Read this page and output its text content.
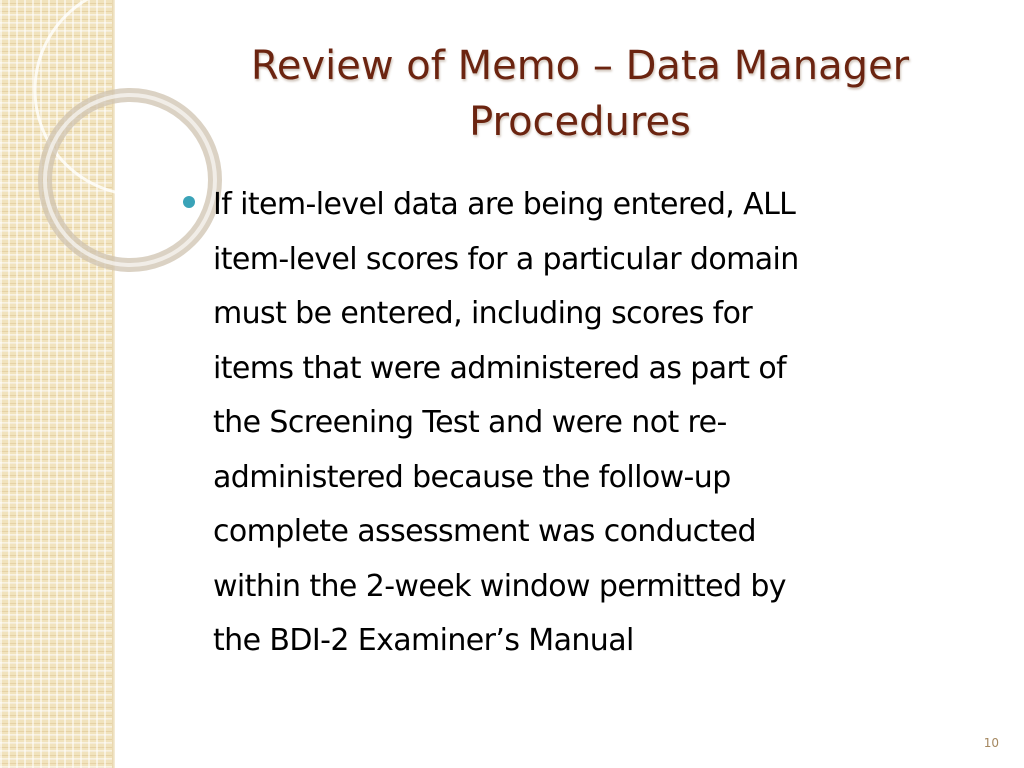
Review of Memo – Data Manager
Procedures
If item-level data are being entered, ALL
item-level scores for a particular domain
must be entered, including scores for
items that were administered as part of
the Screening Test and were not re-
administered because the follow-up
complete assessment was conducted
within the 2-week window permitted by
the BDI-2 Examiner’s Manual
10
